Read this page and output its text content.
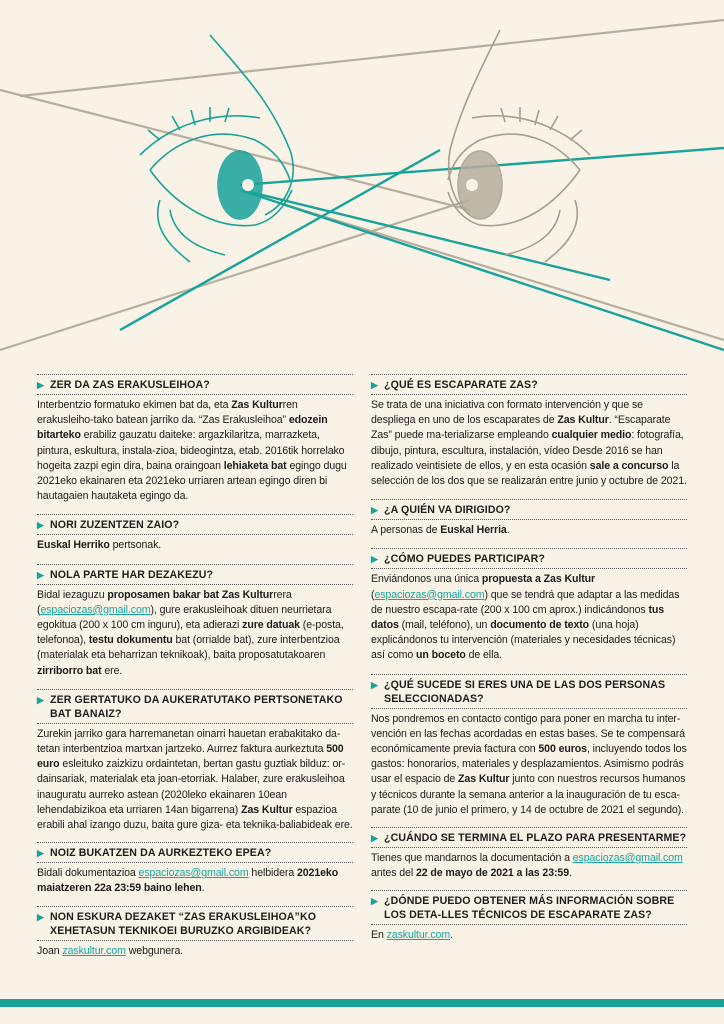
▶ ZER DA ZAS ERAKUSLEIHOA?
Interbentzio formatuko ekimen bat da, eta Zas Kulturren erakusleiho-tako batean jarriko da. “Zas Erakusleihoa” edozein bitarteko erabiliz gauzatu daiteke: argazkilaritza, marrazketa, pintura, eskultura, instala-zioa, bideogintza, etab. 2016tik horrelako hogeita zazpi egin dira, baina oraingoan lehiaketa bat egingo dugu 2021eko ekainaren eta 2021eko urriaren artean egingo diren bi hautagaien hautaketa egingo da.
▶ NORI ZUZENTZEN ZAIO?
Euskal Herriko pertsonak.
▶ NOLA PARTE HAR DEZAKEZU?
Bidal iezaguzu proposamen bakar bat Zas Kulturrera (espaciozas@gmail.com), gure erakusleihoak dituen neurrietara egokitua (200 x 100 cm inguru), eta adierazi zure datuak (e-posta, telefonoa), testu dokumentu bat (orrialde bat), zure interbentzioa (materialak eta beharrizan teknikoak), baita proposatutakoaren zirriborro bat ere.
▶ ZER GERTATUKO DA AUKERATUTAKO PERTSONETAKO BAT BANAIZ?
Zurekin jarriko gara harremanetan oinarri hauetan erabakitako da-tetan interbentzioa martxan jartzeko. Aurrez faktura aurkeztuta 500 euro esleituko zaizkizu ordaintetan, bertan gastu guztiak bilduz: or-dainsariak, materialak eta joan-etorriak. Halaber, zure erakusleihoa inauguratu aurreko astean (2020leko ekainaren 10ean lehendabizikoa eta urriaren 14an bigarrena) Zas Kultur espazioa erabili ahal izango duzu, baita gure giza- eta teknika-baliabideak ere.
▶ NOIZ BUKATZEN DA AURKEZTEKO EPEA?
Bidali dokumentazioa espaciozas@gmail.com helbidera 2021eko maiatzeren 22a 23:59 baino lehen.
▶ NON ESKURA DEZAKET “ZAS ERAKUSLEIHOA”KO XEHETASUN TEKNIKOEI BURUZKO ARGIBIDEAK?
Joan zaskultur.com webgunera.
▶ ¿QUÉ ES ESCAPARATE ZAS?
Se trata de una iniciativa con formato intervención y que se despliega en uno de los escaparates de Zas Kultur. “Escaparate Zas” puede ma-terializarse empleando cualquier medio: fotografía, dibujo, pintura, escultura, instalación, vídeo Desde 2016 se han realizado veintisiete de ellos, y en esta ocasión sale a concurso la selección de los dos que se realizarán entre junio y octubre de 2021.
▶ ¿A QUIÉN VA DIRIGIDO?
A personas de Euskal Herria.
▶ ¿CÓMO PUEDES PARTICIPAR?
Enviándonos una única propuesta a Zas Kultur (espaciozas@gmail.com) que se tendrá que adaptar a las medidas de nuestro escapa-rate (200 x 100 cm aprox.) indicándonos tus datos (mail, teléfono), un documento de texto (una hoja) explicándonos tu intervención (materiales y necesidades técnicas) así como un boceto de ella.
▶ ¿QUÉ SUCEDE SI ERES UNA DE LAS DOS PERSONAS SELECCIONADAS?
Nos pondremos en contacto contigo para poner en marcha tu inter-vención en las fechas acordadas en estas bases. Se te compensará económicamente previa factura con 500 euros, incluyendo todos los gastos: honorarios, materiales y desplazamientos. Asimismo podrás usar el espacio de Zas Kultur junto con nuestros recursos humanos y técnicos durante la semana anterior a la inauguración de tu esca-parate (10 de junio el primero, y 14 de octubre de 2021 el segundo).
▶ ¿CUÁNDO SE TERMINA EL PLAZO PARA PRESENTARME?
Tienes que mandarnos la documentación a espaciozas@gmail.com antes del 22 de mayo de 2021 a las 23:59.
▶ ¿DÓNDE PUEDO OBTENER MÁS INFORMACIÓN SOBRE LOS DETA-LLES TÉCNICOS DE ESCAPARATE ZAS?
En zaskultur.com.
